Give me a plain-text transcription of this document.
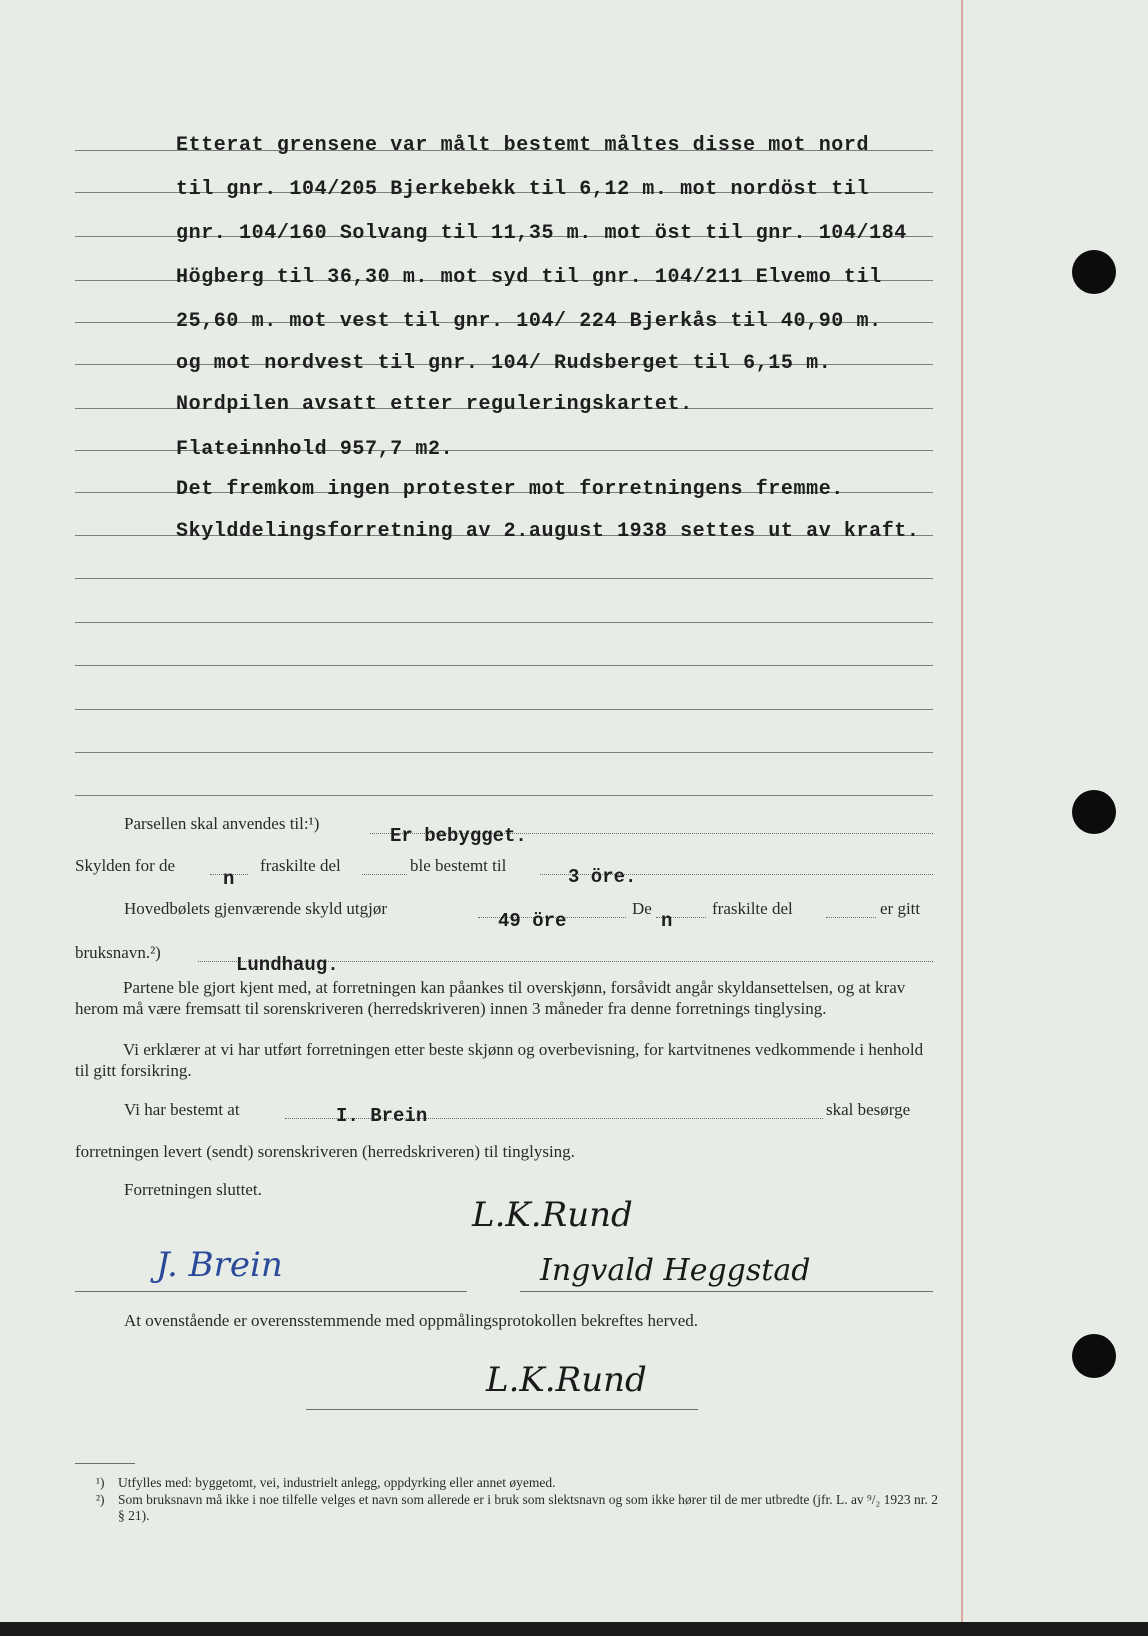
Etterat grensene var målt bestemt måltes disse mot nord
til gnr. 104/205 Bjerkebekk til 6,12 m. mot nordöst til
gnr. 104/160 Solvang til 11,35 m. mot öst til gnr. 104/184
Högberg til 36,30 m. mot syd til gnr. 104/211 Elvemo til
25,60 m. mot vest til gnr. 104/ 224 Bjerkås til 40,90 m.
og mot nordvest til gnr. 104/ Rudsberget til 6,15 m.
Nordpilen avsatt etter reguleringskartet.
Flateinnhold 957,7 m2.
Det fremkom ingen protester mot forretningens fremme.
Skylddelingsforretning av 2.august 1938 settes ut av kraft.
Parsellen skal anvendes til:¹)
Er bebygget.
Skylden for de
n
fraskilte del	ble bestemt til
3 öre.
Hovedbølets gjenværende skyld utgjør
49 öre
De
n
fraskilte del	er gitt
bruksnavn.²)
Lundhaug.
Partene ble gjort kjent med, at forretningen kan påankes til overskjønn, forsåvidt angår skyldansettelsen, og at krav herom må være fremsatt til sorenskriveren (herredskriveren) innen 3 måneder fra denne forretnings tinglysing.
Vi erklærer at vi har utført forretningen etter beste skjønn og overbevisning, for kartvitnenes vedkommende i henhold til gitt forsikring.
Vi har bestemt at	I. Brein	skal besørge
forretningen levert (sendt) sorenskriveren (herredskriveren) til tinglysing.
Forretningen sluttet.
L.K.Rund
J. Brein	Ingvald Heggstad
At ovenstående er overensstemmende med oppmålingsprotokollen bekreftes herved.
L.K.Rund
¹) Utfylles med: byggetomt, vei, industrielt anlegg, oppdyrking eller annet øyemed.
²) Som bruksnavn må ikke i noe tilfelle velges et navn som allerede er i bruk som slektsnavn og som ikke hører til de mer utbredte (jfr. L. av ⁹/₂ 1923 nr. 2 § 21).
